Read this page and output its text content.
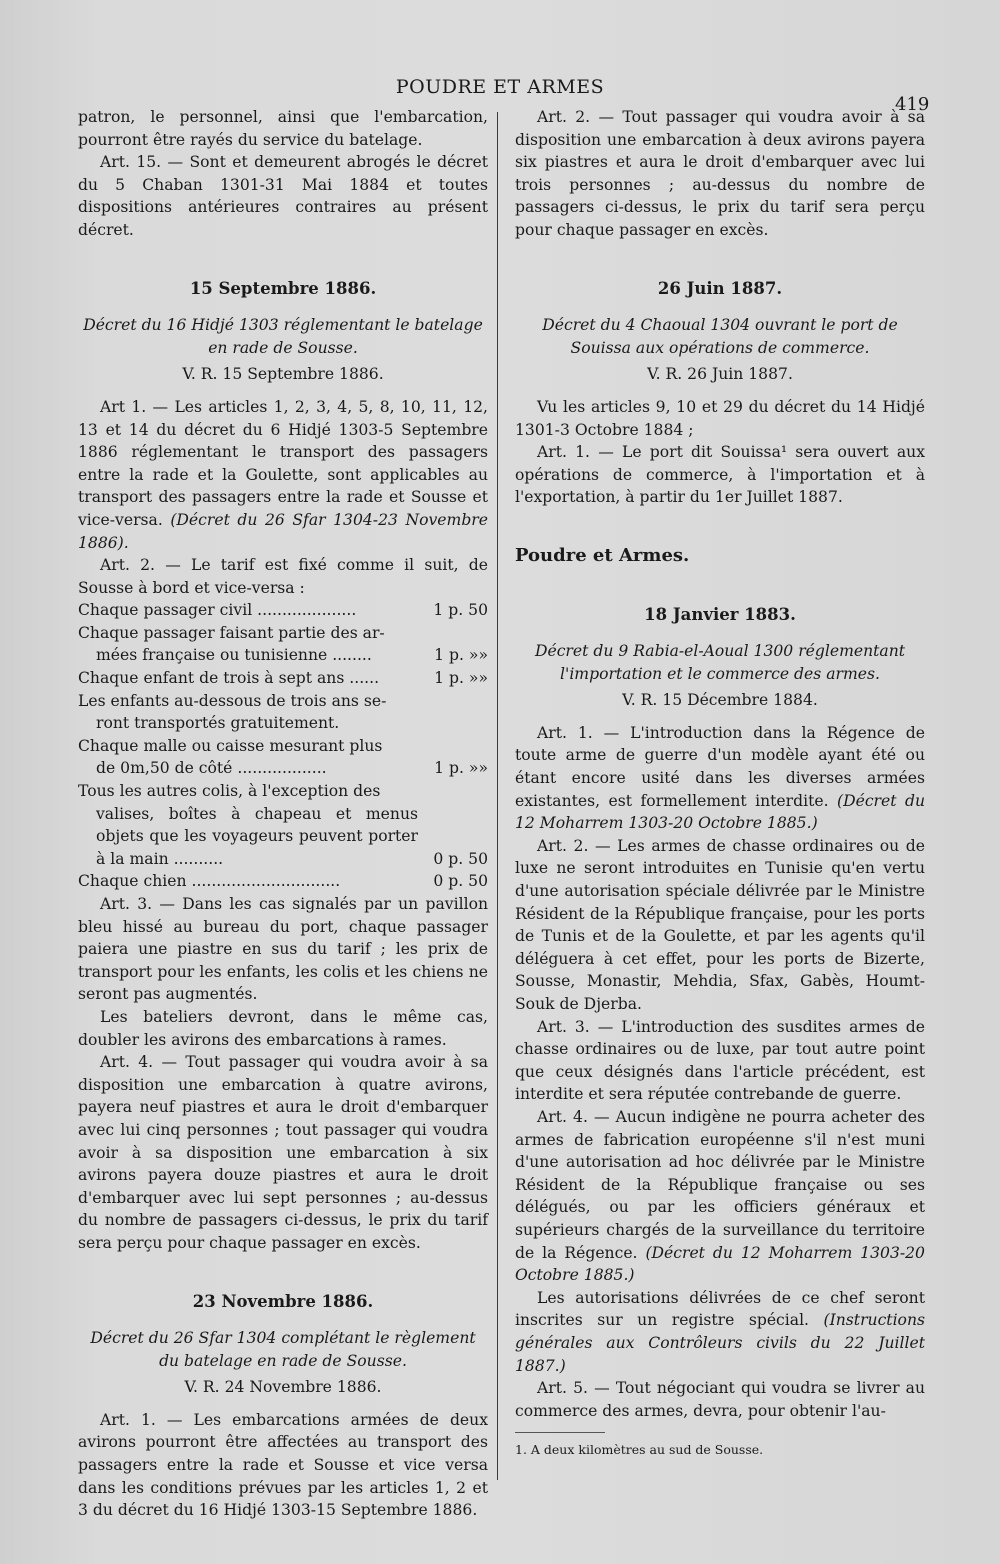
POUDRE ET ARMES
419

patron, le personnel, ainsi que l'embarcation, pourront être rayés du service du batelage.

Art. 15. — Sont et demeurent abrogés le décret du 5 Chaban 1301-31 Mai 1884 et toutes dispositions antérieures contraires au présent décret.

15 Septembre 1886.
Décret du 16 Hidjé 1303 réglementant le batelage en rade de Sousse.
V. R. 15 Septembre 1886.

Art 1. — Les articles 1, 2, 3, 4, 5, 8, 10, 11, 12, 13 et 14 du décret du 6 Hidjé 1303-5 Septembre 1886 réglementant le transport des passagers entre la rade et la Goulette, sont applicables au transport des passagers entre la rade et Sousse et vice-versa. (Décret du 26 Sfar 1304-23 Novembre 1886).

Art. 2. — Le tarif est fixé comme il suit, de Sousse à bord et vice-versa :

Chaque passager civil ....................	1 p. 50
Chaque passager faisant partie des ar-
mées française ou tunisienne ........	1 p. »»
Chaque enfant de trois à sept ans ......	1 p. »»
Les enfants au-dessous de trois ans se-
ront transportés gratuitement.
Chaque malle ou caisse mesurant plus
de 0m,50 de côté ..................	1 p. »»
Tous les autres colis, à l'exception des
valises, boîtes à chapeau et menus objets que les voyageurs peuvent porter à la main ..........	0 p. 50
Chaque chien ..............................	0 p. 50

Art. 3. — Dans les cas signalés par un pavillon bleu hissé au bureau du port, chaque passager paiera une piastre en sus du tarif ; les prix de transport pour les enfants, les colis et les chiens ne seront pas augmentés.

Les bateliers devront, dans le même cas, doubler les avirons des embarcations à rames.

Art. 4. — Tout passager qui voudra avoir à sa disposition une embarcation à quatre avirons, payera neuf piastres et aura le droit d'embarquer avec lui cinq personnes ; tout passager qui voudra avoir à sa disposition une embarcation à six avirons payera douze piastres et aura le droit d'embarquer avec lui sept personnes ; au-dessus du nombre de passagers ci-dessus, le prix du tarif sera perçu pour chaque passager en excès.

23 Novembre 1886.
Décret du 26 Sfar 1304 complétant le règlement du batelage en rade de Sousse.
V. R. 24 Novembre 1886.

Art. 1. — Les embarcations armées de deux avirons pourront être affectées au transport des passagers entre la rade et Sousse et vice versa dans les conditions prévues par les articles 1, 2 et 3 du décret du 16 Hidjé 1303-15 Septembre 1886.

Art. 2. — Tout passager qui voudra avoir à sa disposition une embarcation à deux avirons payera six piastres et aura le droit d'embarquer avec lui trois personnes ; au-dessus du nombre de passagers ci-dessus, le prix du tarif sera perçu pour chaque passager en excès.

26 Juin 1887.
Décret du 4 Chaoual 1304 ouvrant le port de Souissa aux opérations de commerce.
V. R. 26 Juin 1887.

Vu les articles 9, 10 et 29 du décret du 14 Hidjé 1301-3 Octobre 1884 ;

Art. 1. — Le port dit Souissa¹ sera ouvert aux opérations de commerce, à l'importation et à l'exportation, à partir du 1er Juillet 1887.

Poudre et Armes.
18 Janvier 1883.
Décret du 9 Rabia-el-Aoual 1300 réglementant l'importation et le commerce des armes.
V. R. 15 Décembre 1884.

Art. 1. — L'introduction dans la Régence de toute arme de guerre d'un modèle ayant été ou étant encore usité dans les diverses armées existantes, est formellement interdite. (Décret du 12 Moharrem 1303-20 Octobre 1885.)

Art. 2. — Les armes de chasse ordinaires ou de luxe ne seront introduites en Tunisie qu'en vertu d'une autorisation spéciale délivrée par le Ministre Résident de la République française, pour les ports de Tunis et de la Goulette, et par les agents qu'il déléguera à cet effet, pour les ports de Bizerte, Sousse, Monastir, Mehdia, Sfax, Gabès, Houmt-Souk de Djerba.

Art. 3. — L'introduction des susdites armes de chasse ordinaires ou de luxe, par tout autre point que ceux désignés dans l'article précédent, est interdite et sera réputée contrebande de guerre.

Art. 4. — Aucun indigène ne pourra acheter des armes de fabrication européenne s'il n'est muni d'une autorisation ad hoc délivrée par le Ministre Résident de la République française ou ses délégués, ou par les officiers généraux et supérieurs chargés de la surveillance du territoire de la Régence. (Décret du 12 Moharrem 1303-20 Octobre 1885.)

Les autorisations délivrées de ce chef seront inscrites sur un registre spécial. (Instructions générales aux Contrôleurs civils du 22 Juillet 1887.)

Art. 5. — Tout négociant qui voudra se livrer au commerce des armes, devra, pour obtenir l'au-

1. A deux kilomètres au sud de Sousse.
